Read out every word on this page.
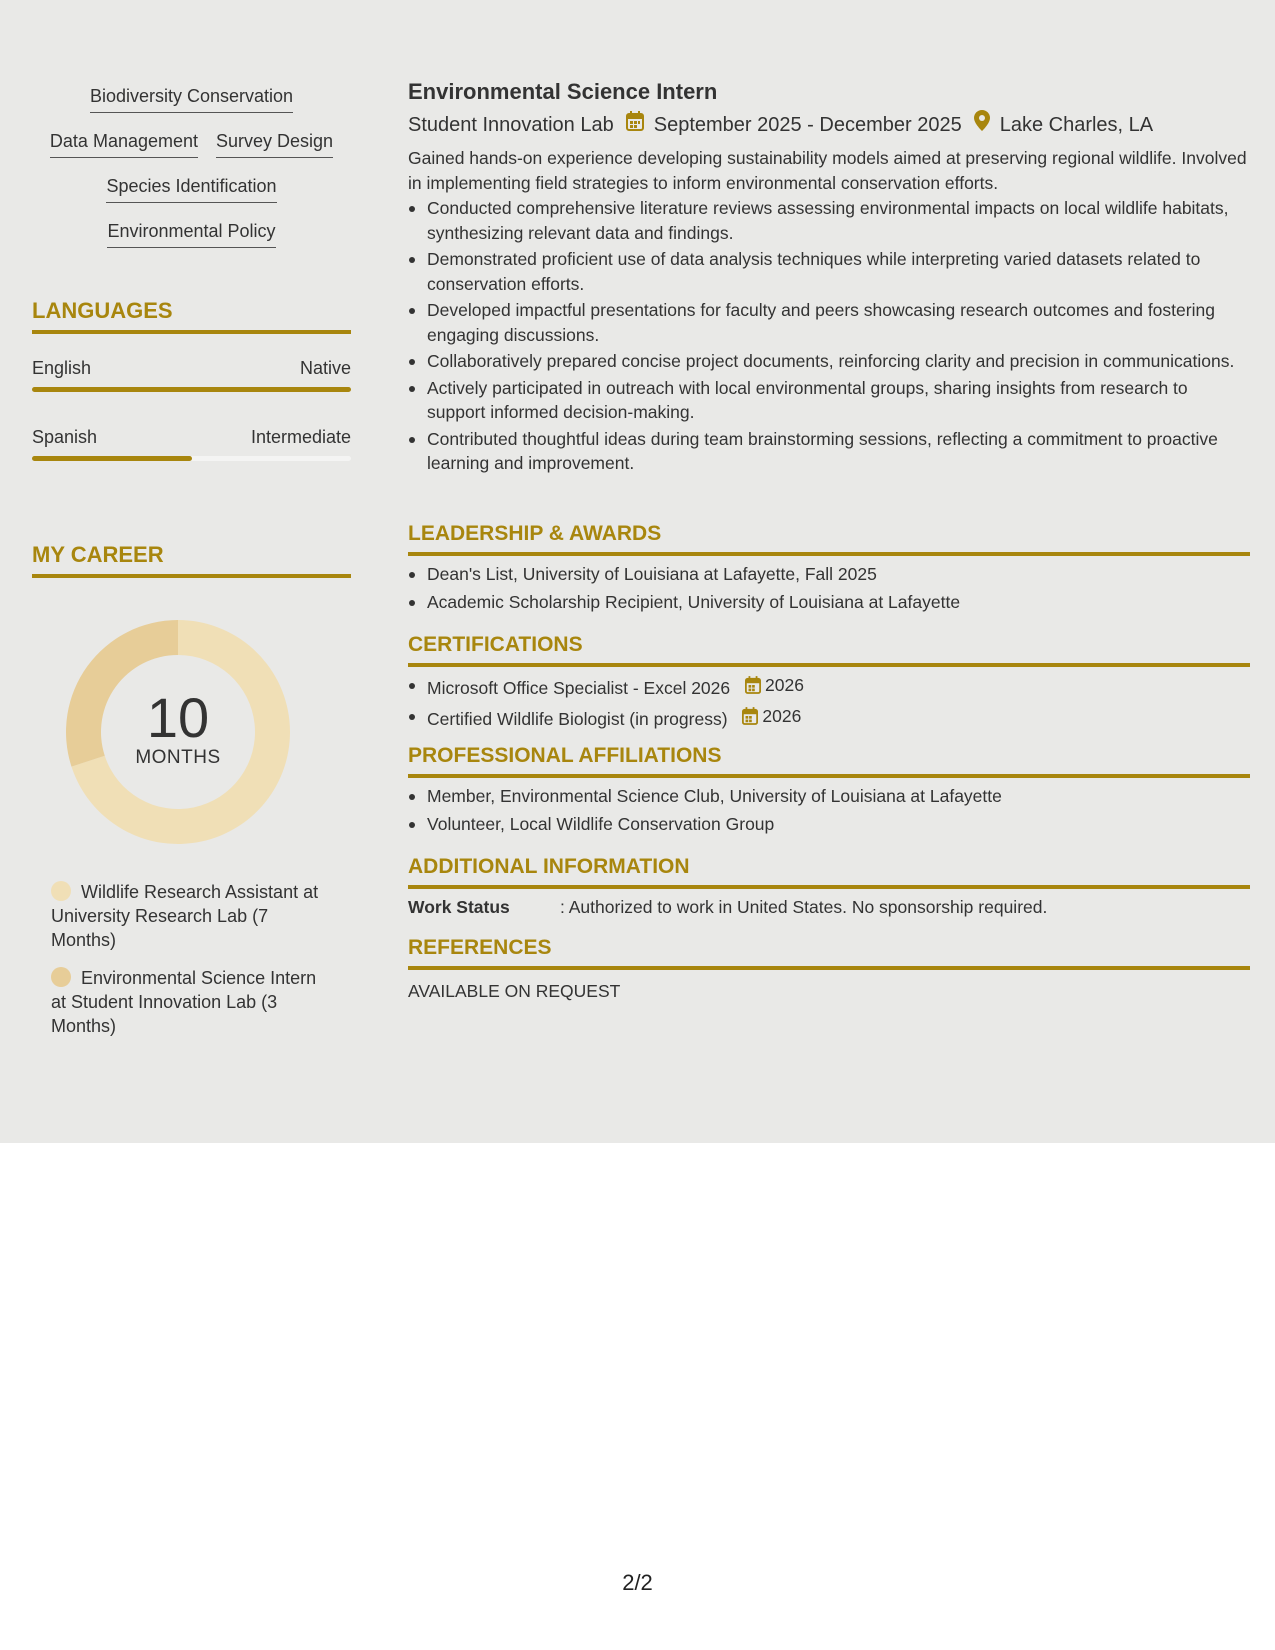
Biodiversity Conservation
Data Management Survey Design
Species Identification
Environmental Policy
LANGUAGES
English	Native
Spanish	Intermediate
MY CAREER
10
MONTHS
Wildlife Research Assistant at University Research Lab (7 Months)
Environmental Science Intern at Student Innovation Lab (3 Months)
Environmental Science Intern
Student Innovation Lab September 2025 - December 2025 Lake Charles, LA
Gained hands-on experience developing sustainability models aimed at preserving regional wildlife. Involved in implementing field strategies to inform environmental conservation efforts.
Conducted comprehensive literature reviews assessing environmental impacts on local wildlife habitats, synthesizing relevant data and findings.
Demonstrated proficient use of data analysis techniques while interpreting varied datasets related to conservation efforts.
Developed impactful presentations for faculty and peers showcasing research outcomes and fostering engaging discussions.
Collaboratively prepared concise project documents, reinforcing clarity and precision in communications.
Actively participated in outreach with local environmental groups, sharing insights from research to support informed decision-making.
Contributed thoughtful ideas during team brainstorming sessions, reflecting a commitment to proactive learning and improvement.
LEADERSHIP & AWARDS
Dean's List, University of Louisiana at Lafayette, Fall 2025
Academic Scholarship Recipient, University of Louisiana at Lafayette
CERTIFICATIONS
Microsoft Office Specialist - Excel 2026 2026
Certified Wildlife Biologist (in progress) 2026
PROFESSIONAL AFFILIATIONS
Member, Environmental Science Club, University of Louisiana at Lafayette
Volunteer, Local Wildlife Conservation Group
ADDITIONAL INFORMATION
Work Status	: Authorized to work in United States. No sponsorship required.
REFERENCES
AVAILABLE ON REQUEST
2/2
